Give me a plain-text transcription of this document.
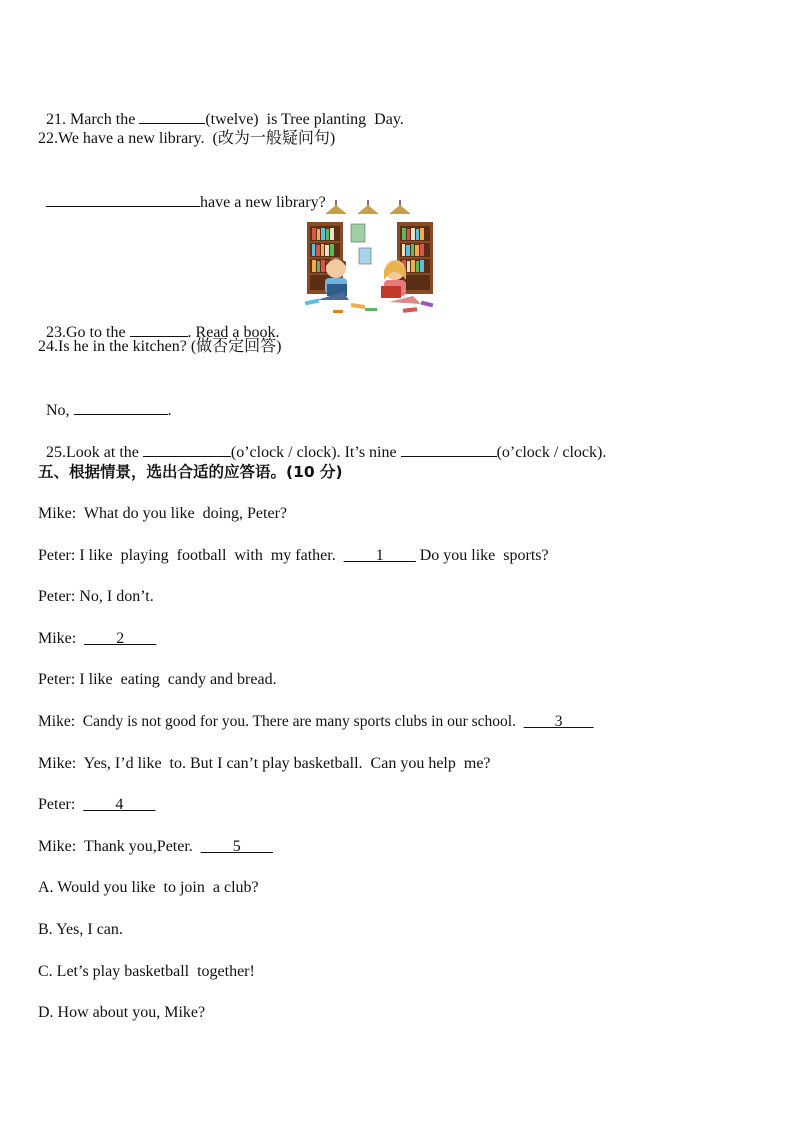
21. March the	(twelve)  is Tree planting  Day.

22.We have a new library.  (改为一般疑问句)

have a new library?

23.Go to the	. Read a book.

24.Is he in the kitchen? (做否定回答)

No,	.

25.Look at the	(o’clock / clock). It’s nine	(o’clock / clock).

五、根据情景，选出合适的应答语。(10 分)
Mike:  What do you like  doing, Peter?
Peter: I like  playing  football  with  my father.  ____1____ Do you like  sports?
Peter: No, I don’t.
Mike:  ____2____
Peter: I like  eating  candy and bread.
Mike:  Candy is not good for you. There are many sports clubs in our school.  ____3____
Mike:  Yes, I’d like  to. But I can’t play basketball.  Can you help  me?
Peter:  ____4____
Mike:  Thank you,Peter.  ____5____
A. Would you like  to join  a club?
B. Yes, I can.
C. Let’s play basketball  together!
D. How about you, Mike?
